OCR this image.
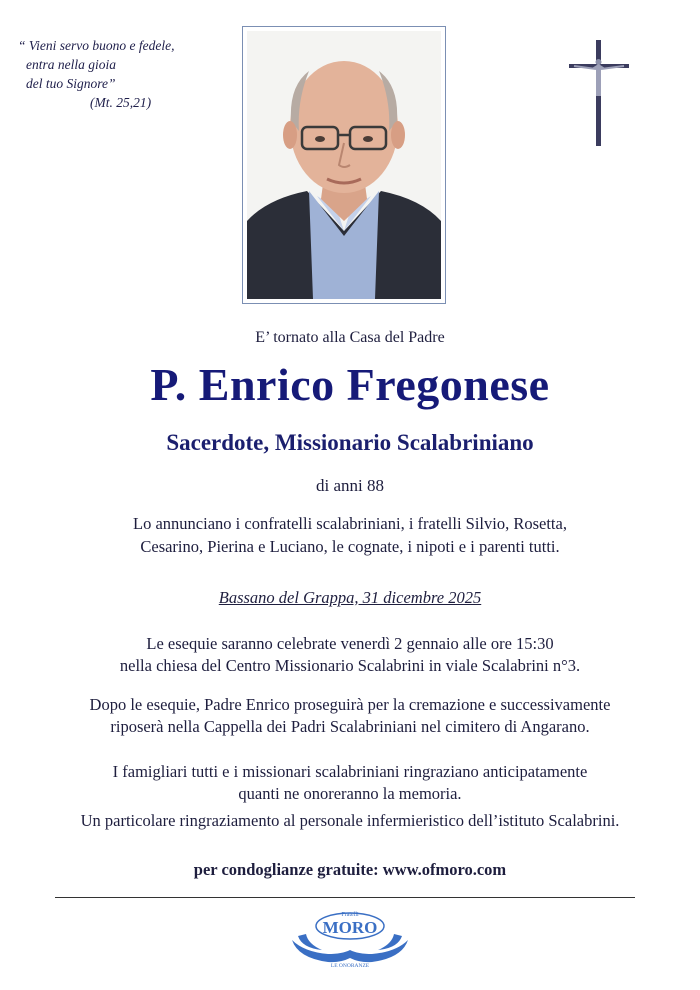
“ Vieni servo buono e fedele,
entra nella gioia
del tuo Signore”
(Mt. 25,21)
E’ tornato alla Casa del Padre
P. Enrico Fregonese
Sacerdote, Missionario Scalabriniano
di anni 88
Lo annunciano i confratelli scalabriniani, i fratelli Silvio, Rosetta,
Cesarino, Pierina e Luciano, le cognate, i nipoti e i parenti tutti.
Bassano del Grappa, 31 dicembre 2025
Le esequie saranno celebrate venerdì 2 gennaio alle ore 15:30
nella chiesa del Centro Missionario Scalabrini in viale Scalabrini n°3.
Dopo le esequie, Padre Enrico proseguirà per la cremazione e successivamente
riposerà nella Cappella dei Padri Scalabriniani nel cimitero di Angarano.
I famigliari tutti e i missionari scalabriniani ringraziano anticipatamente
quanti ne onoreranno la memoria.
Un particolare ringraziamento al personale infermieristico dell’istituto Scalabrini.
per condoglianze gratuite: www.ofmoro.com
Fratelli
MORO
LE ONORANZE
